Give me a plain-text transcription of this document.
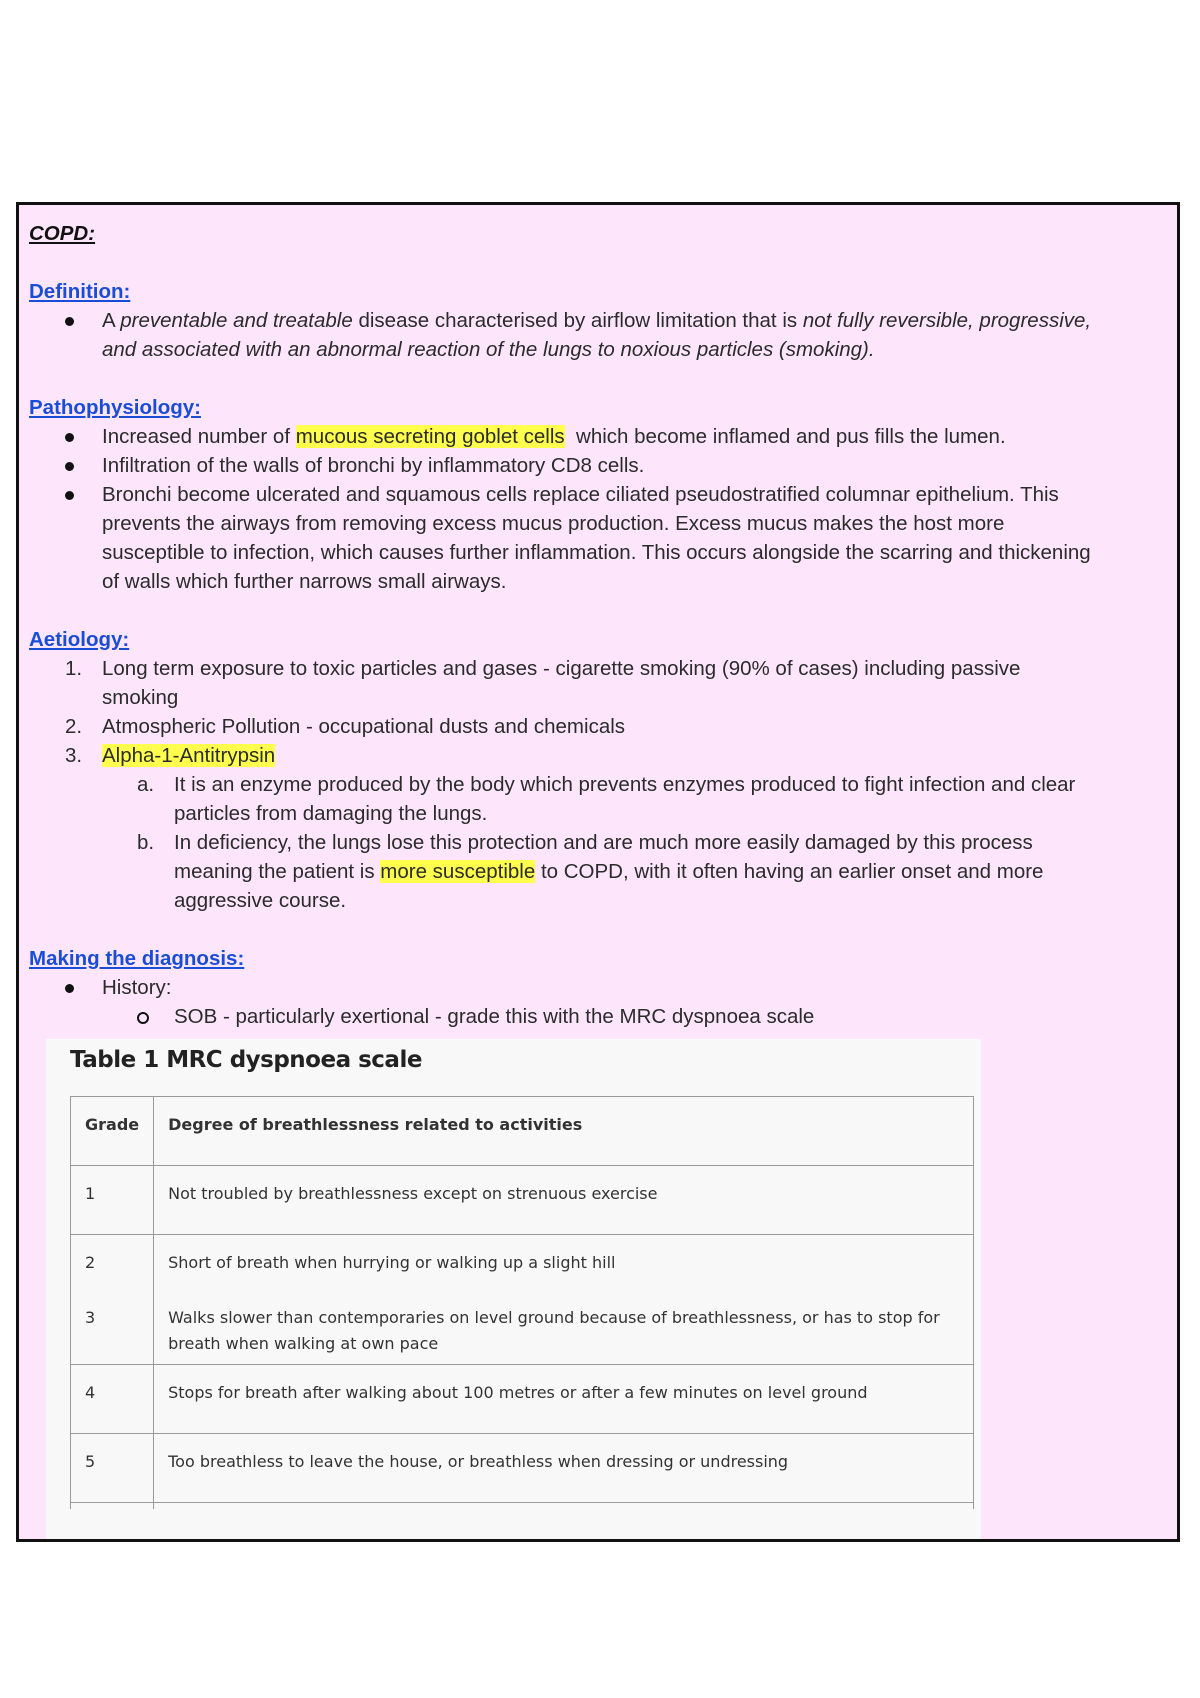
COPD:
Definition:
A preventable and treatable disease characterised by airflow limitation that is not fully reversible, progressive,
and associated with an abnormal reaction of the lungs to noxious particles (smoking).
Pathophysiology:
Increased number of mucous secreting goblet cells  which become inflamed and pus fills the lumen.
Infiltration of the walls of bronchi by inflammatory CD8 cells.
Bronchi become ulcerated and squamous cells replace ciliated pseudostratified columnar epithelium. This
prevents the airways from removing excess mucus production. Excess mucus makes the host more
susceptible to infection, which causes further inflammation. This occurs alongside the scarring and thickening
of walls which further narrows small airways.
Aetiology:
1. Long term exposure to toxic particles and gases - cigarette smoking (90% of cases) including passive
smoking
2. Atmospheric Pollution - occupational dusts and chemicals
3. Alpha-1-Antitrypsin
a. It is an enzyme produced by the body which prevents enzymes produced to fight infection and clear
particles from damaging the lungs.
b. In deficiency, the lungs lose this protection and are much more easily damaged by this process
meaning the patient is more susceptible to COPD, with it often having an earlier onset and more
aggressive course.
Making the diagnosis:
History:
SOB - particularly exertional - grade this with the MRC dyspnoea scale
Table 1 MRC dyspnoea scale
Grade	Degree of breathlessness related to activities
1	Not troubled by breathlessness except on strenuous exercise
2	Short of breath when hurrying or walking up a slight hill
3	Walks slower than contemporaries on level ground because of breathlessness, or has to stop for breath when walking at own pace
4	Stops for breath after walking about 100 metres or after a few minutes on level ground
5	Too breathless to leave the house, or breathless when dressing or undressing
